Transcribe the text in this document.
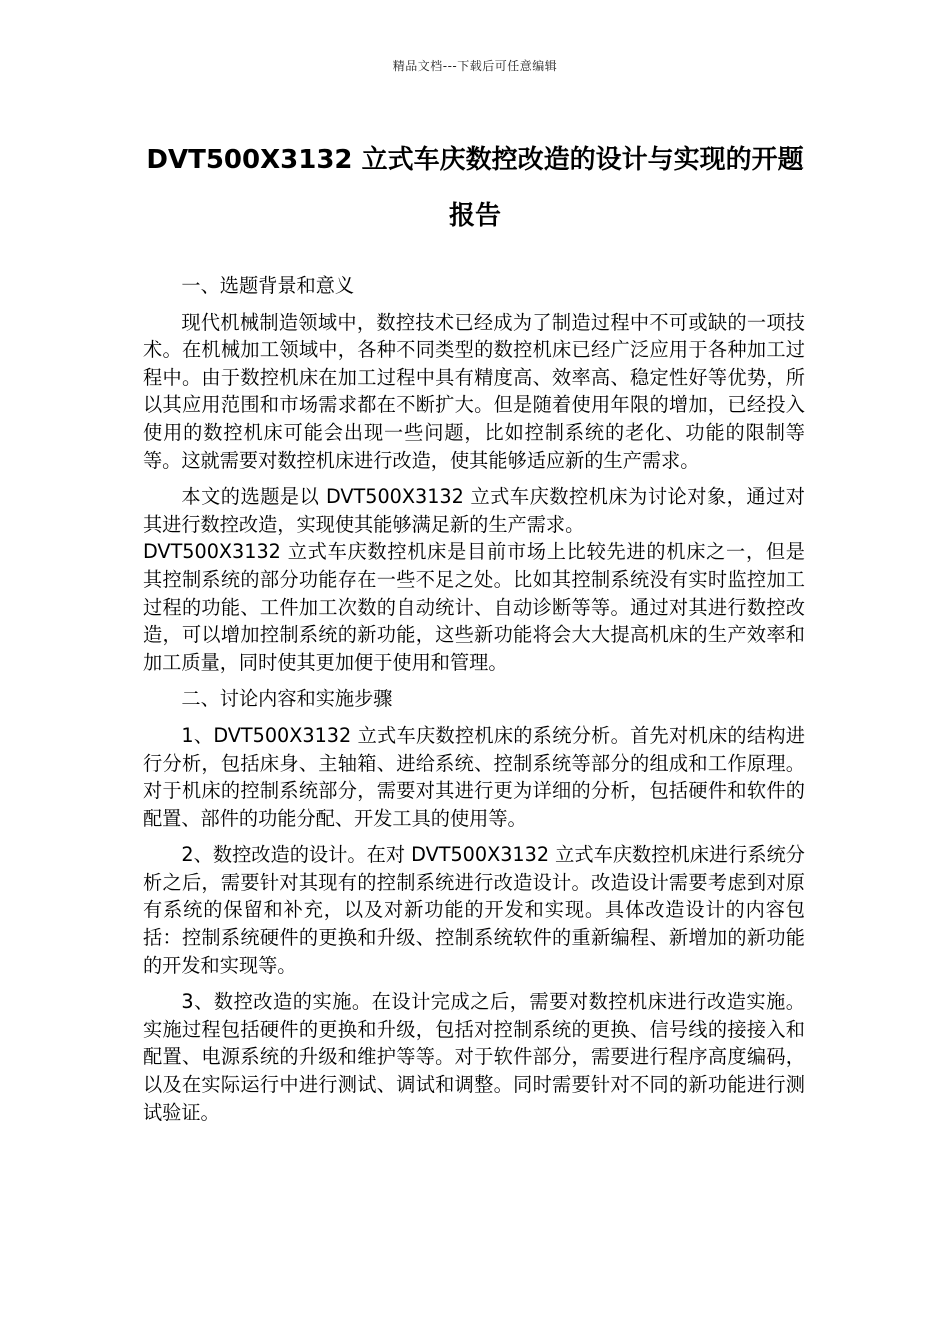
精品文档---下载后可任意编辑
DVT500X3132 立式车庆数控改造的设计与实现的开题报告

一、选题背景和意义

现代机械制造领域中，数控技术已经成为了制造过程中不可或缺的一项技术。在机械加工领域中，各种不同类型的数控机床已经广泛应用于各种加工过程中。由于数控机床在加工过程中具有精度高、效率高、稳定性好等优势，所以其应用范围和市场需求都在不断扩大。但是随着使用年限的增加，已经投入使用的数控机床可能会出现一些问题，比如控制系统的老化、功能的限制等等。这就需要对数控机床进行改造，使其能够适应新的生产需求。

本文的选题是以 DVT500X3132 立式车庆数控机床为讨论对象，通过对其进行数控改造，实现使其能够满足新的生产需求。

DVT500X3132 立式车庆数控机床是目前市场上比较先进的机床之一，但是其控制系统的部分功能存在一些不足之处。比如其控制系统没有实时监控加工过程的功能、工件加工次数的自动统计、自动诊断等等。通过对其进行数控改造，可以增加控制系统的新功能，这些新功能将会大大提高机床的生产效率和加工质量，同时使其更加便于使用和管理。

二、讨论内容和实施步骤

1、DVT500X3132 立式车庆数控机床的系统分析。首先对机床的结构进行分析，包括床身、主轴箱、进给系统、控制系统等部分的组成和工作原理。对于机床的控制系统部分，需要对其进行更为详细的分析，包括硬件和软件的配置、部件的功能分配、开发工具的使用等。

2、数控改造的设计。在对 DVT500X3132 立式车庆数控机床进行系统分析之后，需要针对其现有的控制系统进行改造设计。改造设计需要考虑到对原有系统的保留和补充，以及对新功能的开发和实现。具体改造设计的内容包括：控制系统硬件的更换和升级、控制系统软件的重新编程、新增加的新功能的开发和实现等。

3、数控改造的实施。在设计完成之后，需要对数控机床进行改造实施。实施过程包括硬件的更换和升级，包括对控制系统的更换、信号线的接接入和配置、电源系统的升级和维护等等。对于软件部分，需要进行程序高度编码，以及在实际运行中进行测试、调试和调整。同时需要针对不同的新功能进行测试验证。
